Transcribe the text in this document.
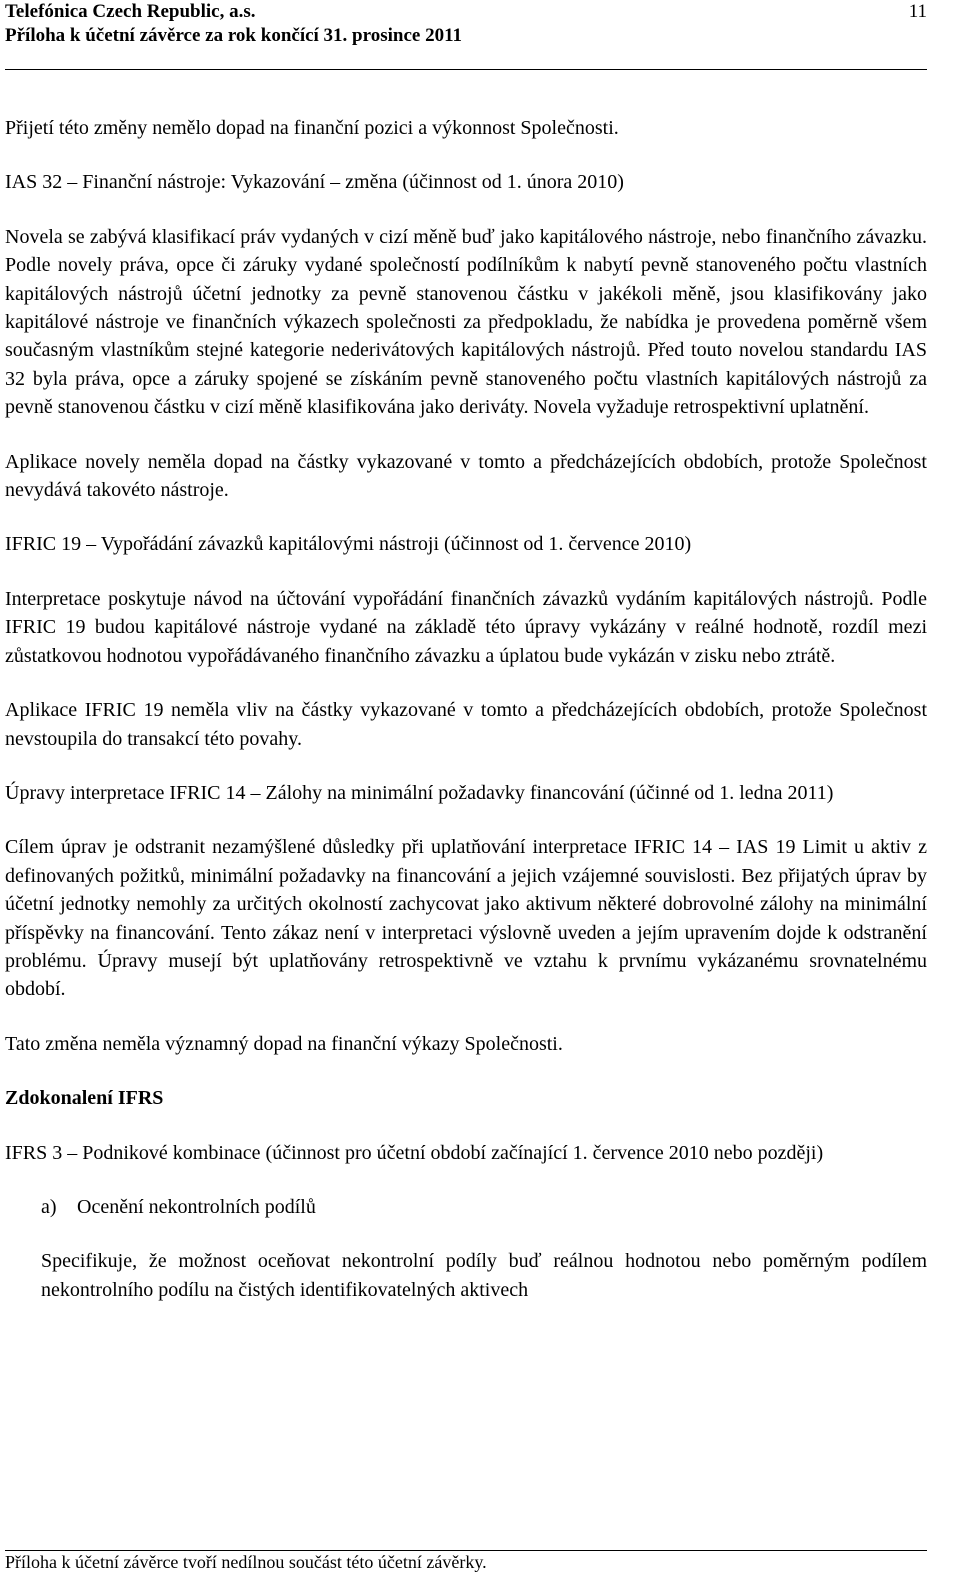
Telefónica Czech Republic, a.s.
Příloha k účetní závěrce za rok končící 31. prosince 2011
11

Přijetí této změny nemělo dopad na finanční pozici a výkonnost Společnosti.

IAS 32 – Finanční nástroje: Vykazování – změna (účinnost od 1. února 2010)

Novela se zabývá klasifikací práv vydaných v cizí měně buď jako kapitálového nástroje, nebo finančního závazku. Podle novely práva, opce či záruky vydané společností podílníkům k nabytí pevně stanoveného počtu vlastních kapitálových nástrojů účetní jednotky za pevně stanovenou částku v jakékoli měně, jsou klasifikovány jako kapitálové nástroje ve finančních výkazech společnosti za předpokladu, že nabídka je provedena poměrně všem současným vlastníkům stejné kategorie nederivátových kapitálových nástrojů. Před touto novelou standardu IAS 32 byla práva, opce a záruky spojené se získáním pevně stanoveného počtu vlastních kapitálových nástrojů za pevně stanovenou částku v cizí měně klasifikována jako deriváty. Novela vyžaduje retrospektivní uplatnění.

Aplikace novely neměla dopad na částky vykazované v tomto a předcházejících obdobích, protože Společnost nevydává takovéto nástroje.

IFRIC 19 – Vypořádání závazků kapitálovými nástroji (účinnost od 1. července 2010)

Interpretace poskytuje návod na účtování vypořádání finančních závazků vydáním kapitálových nástrojů. Podle IFRIC 19 budou kapitálové nástroje vydané na základě této úpravy vykázány v reálné hodnotě, rozdíl mezi zůstatkovou hodnotou vypořádávaného finančního závazku a úplatou bude vykázán v zisku nebo ztrátě.

Aplikace IFRIC 19 neměla vliv na částky vykazované v tomto a předcházejících obdobích, protože Společnost nevstoupila do transakcí této povahy.

Úpravy interpretace IFRIC 14 – Zálohy na minimální požadavky financování (účinné od 1. ledna 2011)

Cílem úprav je odstranit nezamýšlené důsledky při uplatňování interpretace IFRIC 14 – IAS 19 Limit u aktiv z definovaných požitků, minimální požadavky na financování a jejich vzájemné souvislosti. Bez přijatých úprav by účetní jednotky nemohly za určitých okolností zachycovat jako aktivum některé dobrovolné zálohy na minimální příspěvky na financování. Tento zákaz není v interpretaci výslovně uveden a jejím upravením dojde k odstranění problému. Úpravy musejí být uplatňovány retrospektivně ve vztahu k prvnímu vykázanému srovnatelnému období.

Tato změna neměla významný dopad na finanční výkazy Společnosti.

Zdokonalení IFRS

IFRS 3 – Podnikové kombinace (účinnost pro účetní období začínající 1. července 2010 nebo později)

a) Ocenění nekontrolních podílů

Specifikuje, že možnost oceňovat nekontrolní podíly buď reálnou hodnotou nebo poměrným podílem nekontrolního podílu na čistých identifikovatelných aktivech

Příloha k účetní závěrce tvoří nedílnou součást této účetní závěrky.
